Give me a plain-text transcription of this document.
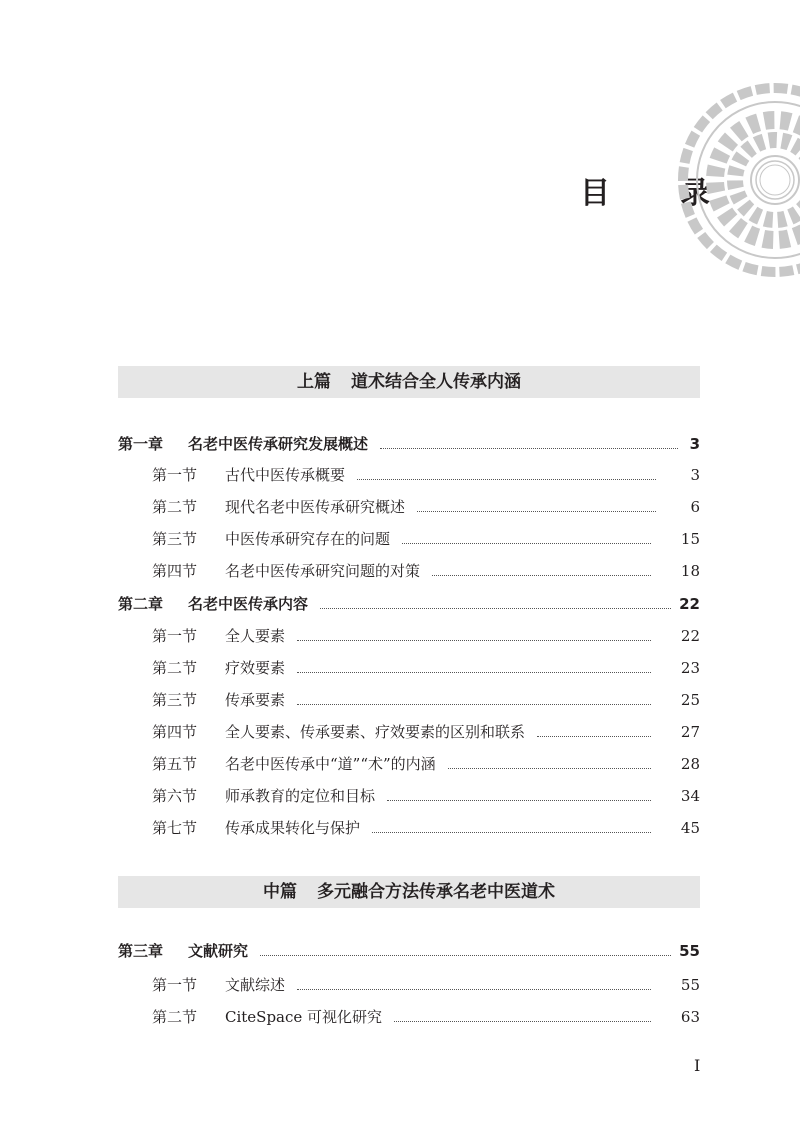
目　录
上篇 道术结合全人传承内涵
中篇 多元融合方法传承名老中医道术
第一章	名老中医传承研究发展概述	3
第一节	古代中医传承概要	3
第二节	现代名老中医传承研究概述	6
第三节	中医传承研究存在的问题	15
第四节	名老中医传承研究问题的对策	18
第二章	名老中医传承内容	22
第一节	全人要素	22
第二节	疗效要素	23
第三节	传承要素	25
第四节	全人要素、传承要素、疗效要素的区别和联系	27
第五节	名老中医传承中“道”“术”的内涵	28
第六节	师承教育的定位和目标	34
第七节	传承成果转化与保护	45
第三章	文献研究	55
第一节	文献综述	55
第二节	CiteSpace 可视化研究	63
I
